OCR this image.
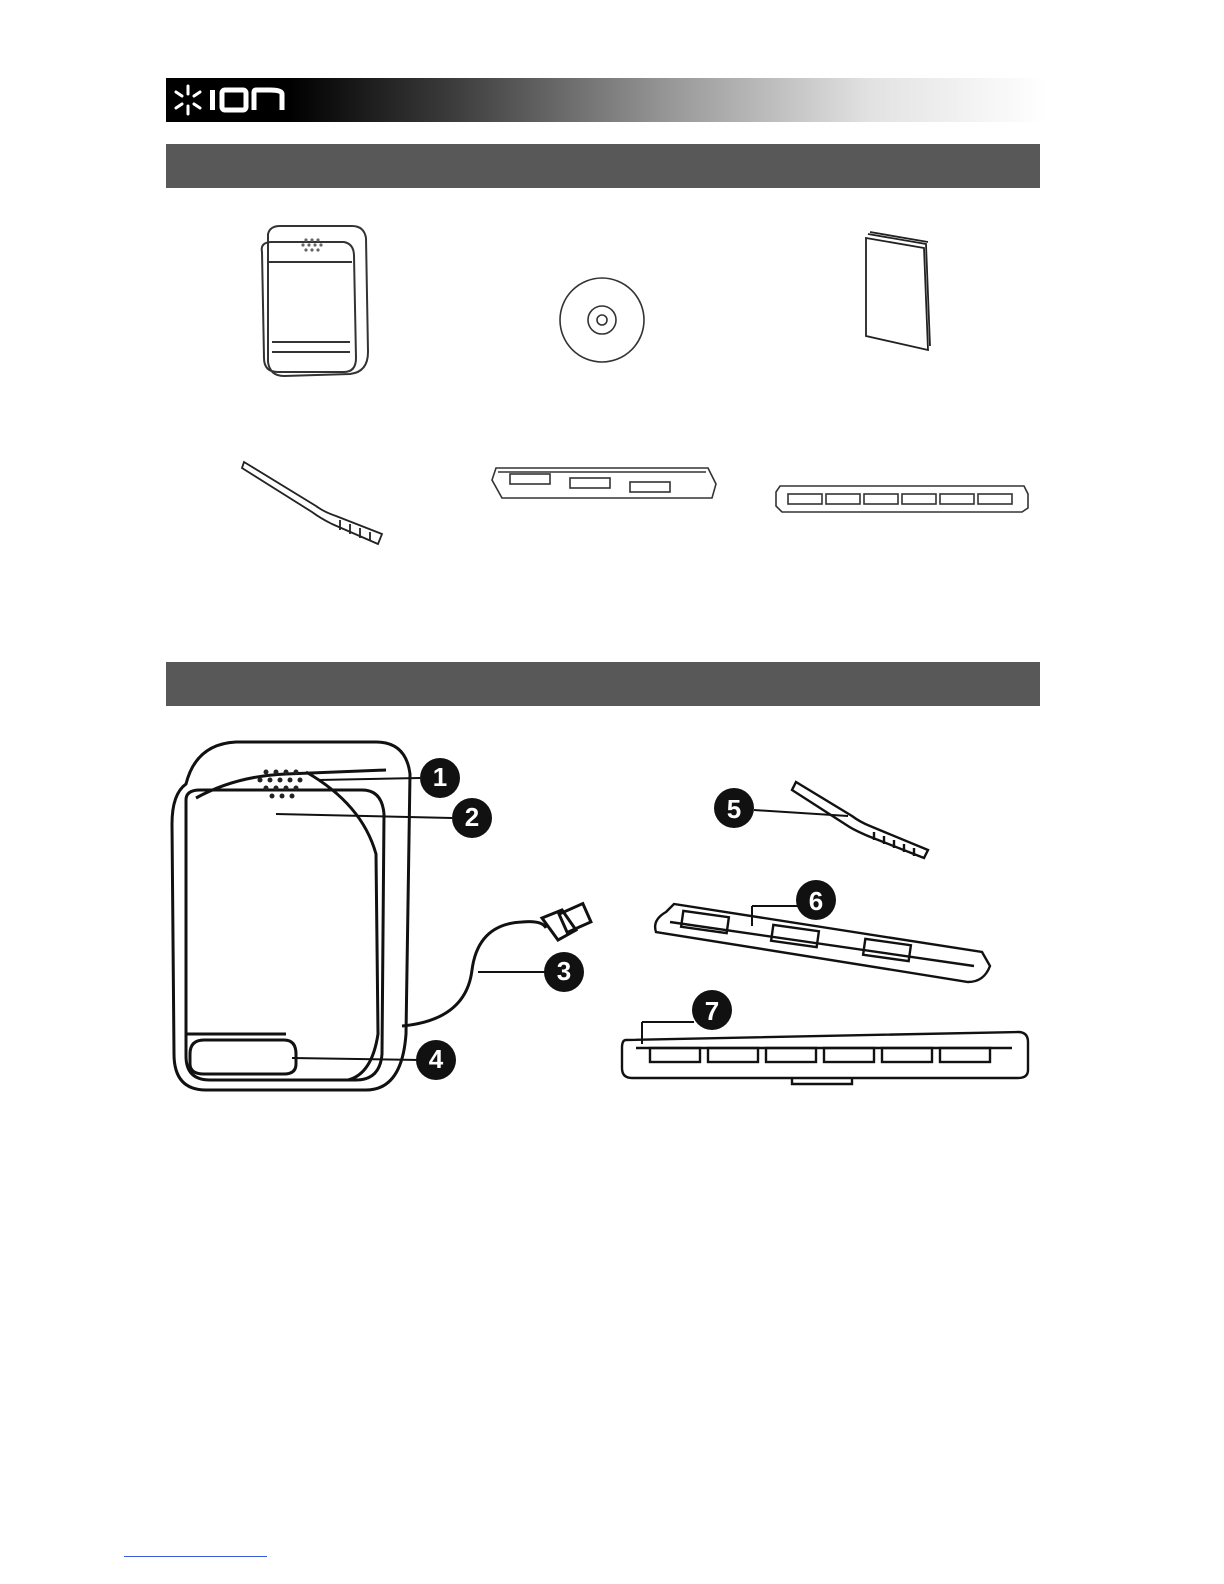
1
2
3
4
5
6
7
